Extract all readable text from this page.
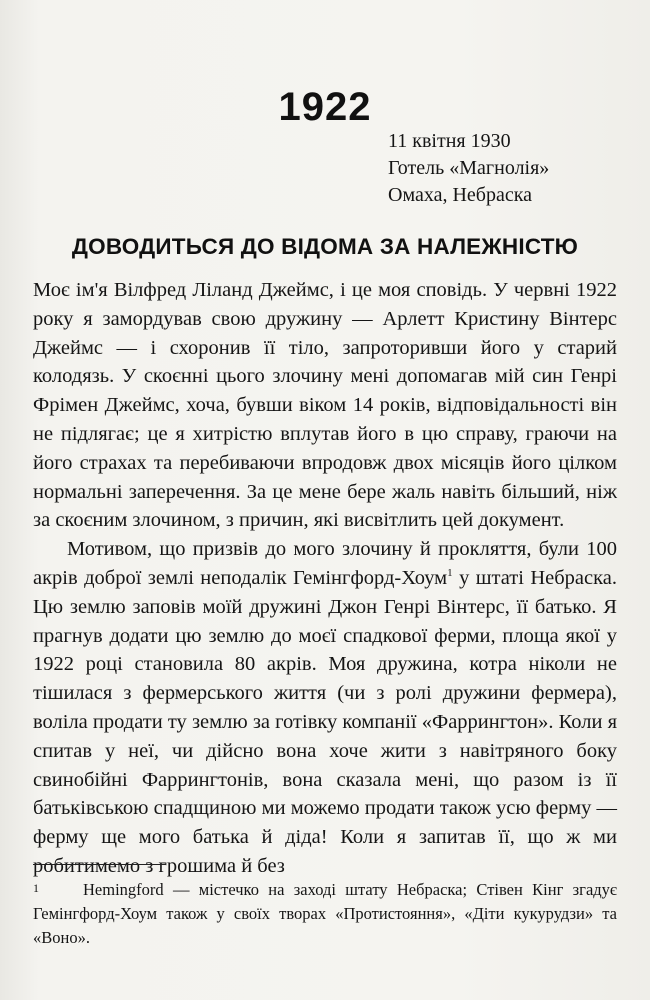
1922
11 квітня 1930
Готель «Магнолія»
Омаха, Небраска
ДОВОДИТЬСЯ ДО ВІДОМА ЗА НАЛЕЖНІСТЮ

Моє ім'я Вілфред Ліланд Джеймс, і це моя сповідь. У червні 1922 року я замордував свою дружину — Арлетт Кристину Вінтерс Джеймс — і схоронив її тіло, запроторивши його у старий колодязь. У скоєнні цього злочину мені допомагав мій син Генрі Фрімен Джеймс, хоча, бувши віком 14 років, відповідальності він не підлягає; це я хитрістю вплутав його в цю справу, граючи на його страхах та перебиваючи впродовж двох місяців його цілком нормальні заперечення. За це мене бере жаль навіть більший, ніж за скоєним злочином, з причин, які висвітлить цей документ.

Мотивом, що призвів до мого злочину й прокляття, були 100 акрів доброї землі неподалік Гемінгфорд-Хоум$^1$ у штаті Небраска. Цю землю заповів моїй дружині Джон Генрі Вінтерс, її батько. Я прагнув додати цю землю до моєї спадкової ферми, площа якої у 1922 році становила 80 акрів. Моя дружина, котра ніколи не тішилася з фермерського життя (чи з ролі дружини фермера), воліла продати ту землю за готівку компанії «Фаррингтон». Коли я спитав у неї, чи дійсно вона хоче жити з навітряного боку свинобійні Фаррингтонів, вона сказала мені, що разом із її батьківською спадщиною ми можемо продати також усю ферму — ферму ще мого батька й діда! Коли я запитав її, що ж ми робитимемо з грошима й без

1	Hemingford — містечко на заході штату Небраска; Стівен Кінг згадує Гемінгфорд-Хоум також у своїх творах «Протистояння», «Діти кукурудзи» та «Воно».
